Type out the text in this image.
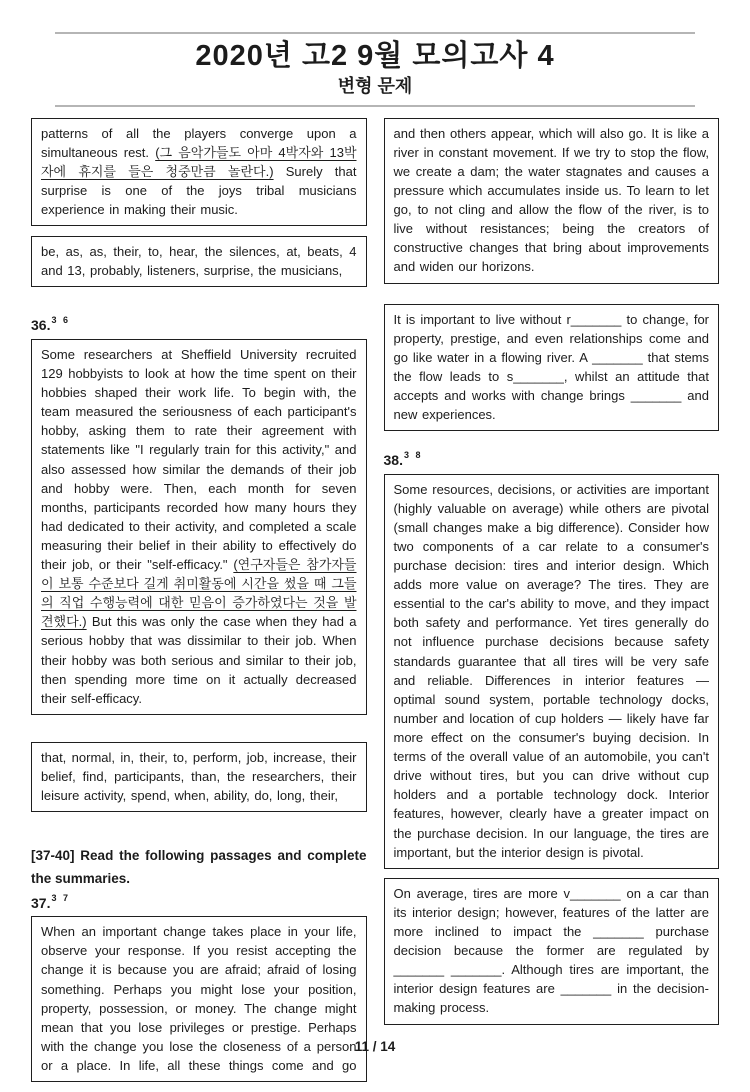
2020년 고2 9월 모의고사 4
변형 문제
patterns of all the players converge upon a simultaneous rest. (그 음악가들도 아마 4박자와 13박자에 휴지를 들은 청중만큼 놀란다.) Surely that surprise is one of the joys tribal musicians experience in making their music.
be, as, as, their, to, hear, the silences, at, beats, 4 and 13, probably, listeners, surprise, the musicians,
36.$^{3 6}$
Some researchers at Sheffield University recruited 129 hobbyists to look at how the time spent on their hobbies shaped their work life. To begin with, the team measured the seriousness of each participant's hobby, asking them to rate their agreement with statements like "I regularly train for this activity," and also assessed how similar the demands of their job and hobby were. Then, each month for seven months, participants recorded how many hours they had dedicated to their activity, and completed a scale measuring their belief in their ability to effectively do their job, or their "self-efficacy." (연구자들은 참가자들이 보통 수준보다 길게 취미활동에 시간을 썼을 때 그들의 직업 수행능력에 대한 믿음이 증가하였다는 것을 발견했다.) But this was only the case when they had a serious hobby that was dissimilar to their job. When their hobby was both serious and similar to their job, then spending more time on it actually decreased their self-efficacy.
that, normal, in, their, to, perform, job, increase, their belief, find, participants, than, the researchers, their leisure activity, spend, when, ability, do, long, their,
[37-40] Read the following passages and complete the summaries.
37.$^{3 7}$
When an important change takes place in your life, observe your response. If you resist accepting the change it is because you are afraid; afraid of losing something. Perhaps you might lose your position, property, possession, or money. The change might mean that you lose privileges or prestige. Perhaps with the change you lose the closeness of a person or a place. In life, all these things come and go
and then others appear, which will also go. It is like a river in constant movement. If we try to stop the flow, we create a dam; the water stagnates and causes a pressure which accumulates inside us. To learn to let go, to not cling and allow the flow of the river, is to live without resistances; being the creators of constructive changes that bring about improvements and widen our horizons.
It is important to live without r_______ to change, for property, prestige, and even relationships come and go like water in a flowing river. A _______ that stems the flow leads to s_______, whilst an attitude that accepts and works with change brings _______ and new experiences.
38.$^{3 8}$
Some resources, decisions, or activities are important (highly valuable on average) while others are pivotal (small changes make a big difference). Consider how two components of a car relate to a consumer's purchase decision: tires and interior design. Which adds more value on average? The tires. They are essential to the car's ability to move, and they impact both safety and performance. Yet tires generally do not influence purchase decisions because safety standards guarantee that all tires will be very safe and reliable. Differences in interior features — optimal sound system, portable technology docks, number and location of cup holders — likely have far more effect on the consumer's buying decision. In terms of the overall value of an automobile, you can't drive without tires, but you can drive without cup holders and a portable technology dock. Interior features, however, clearly have a greater impact on the purchase decision. In our language, the tires are important, but the interior design is pivotal.
On average, tires are more v_______ on a car than its interior design; however, features of the latter are more inclined to impact the _______ purchase decision because the former are regulated by _______ _______. Although tires are important, the interior design features are _______ in the decision-making process.
11 / 14
